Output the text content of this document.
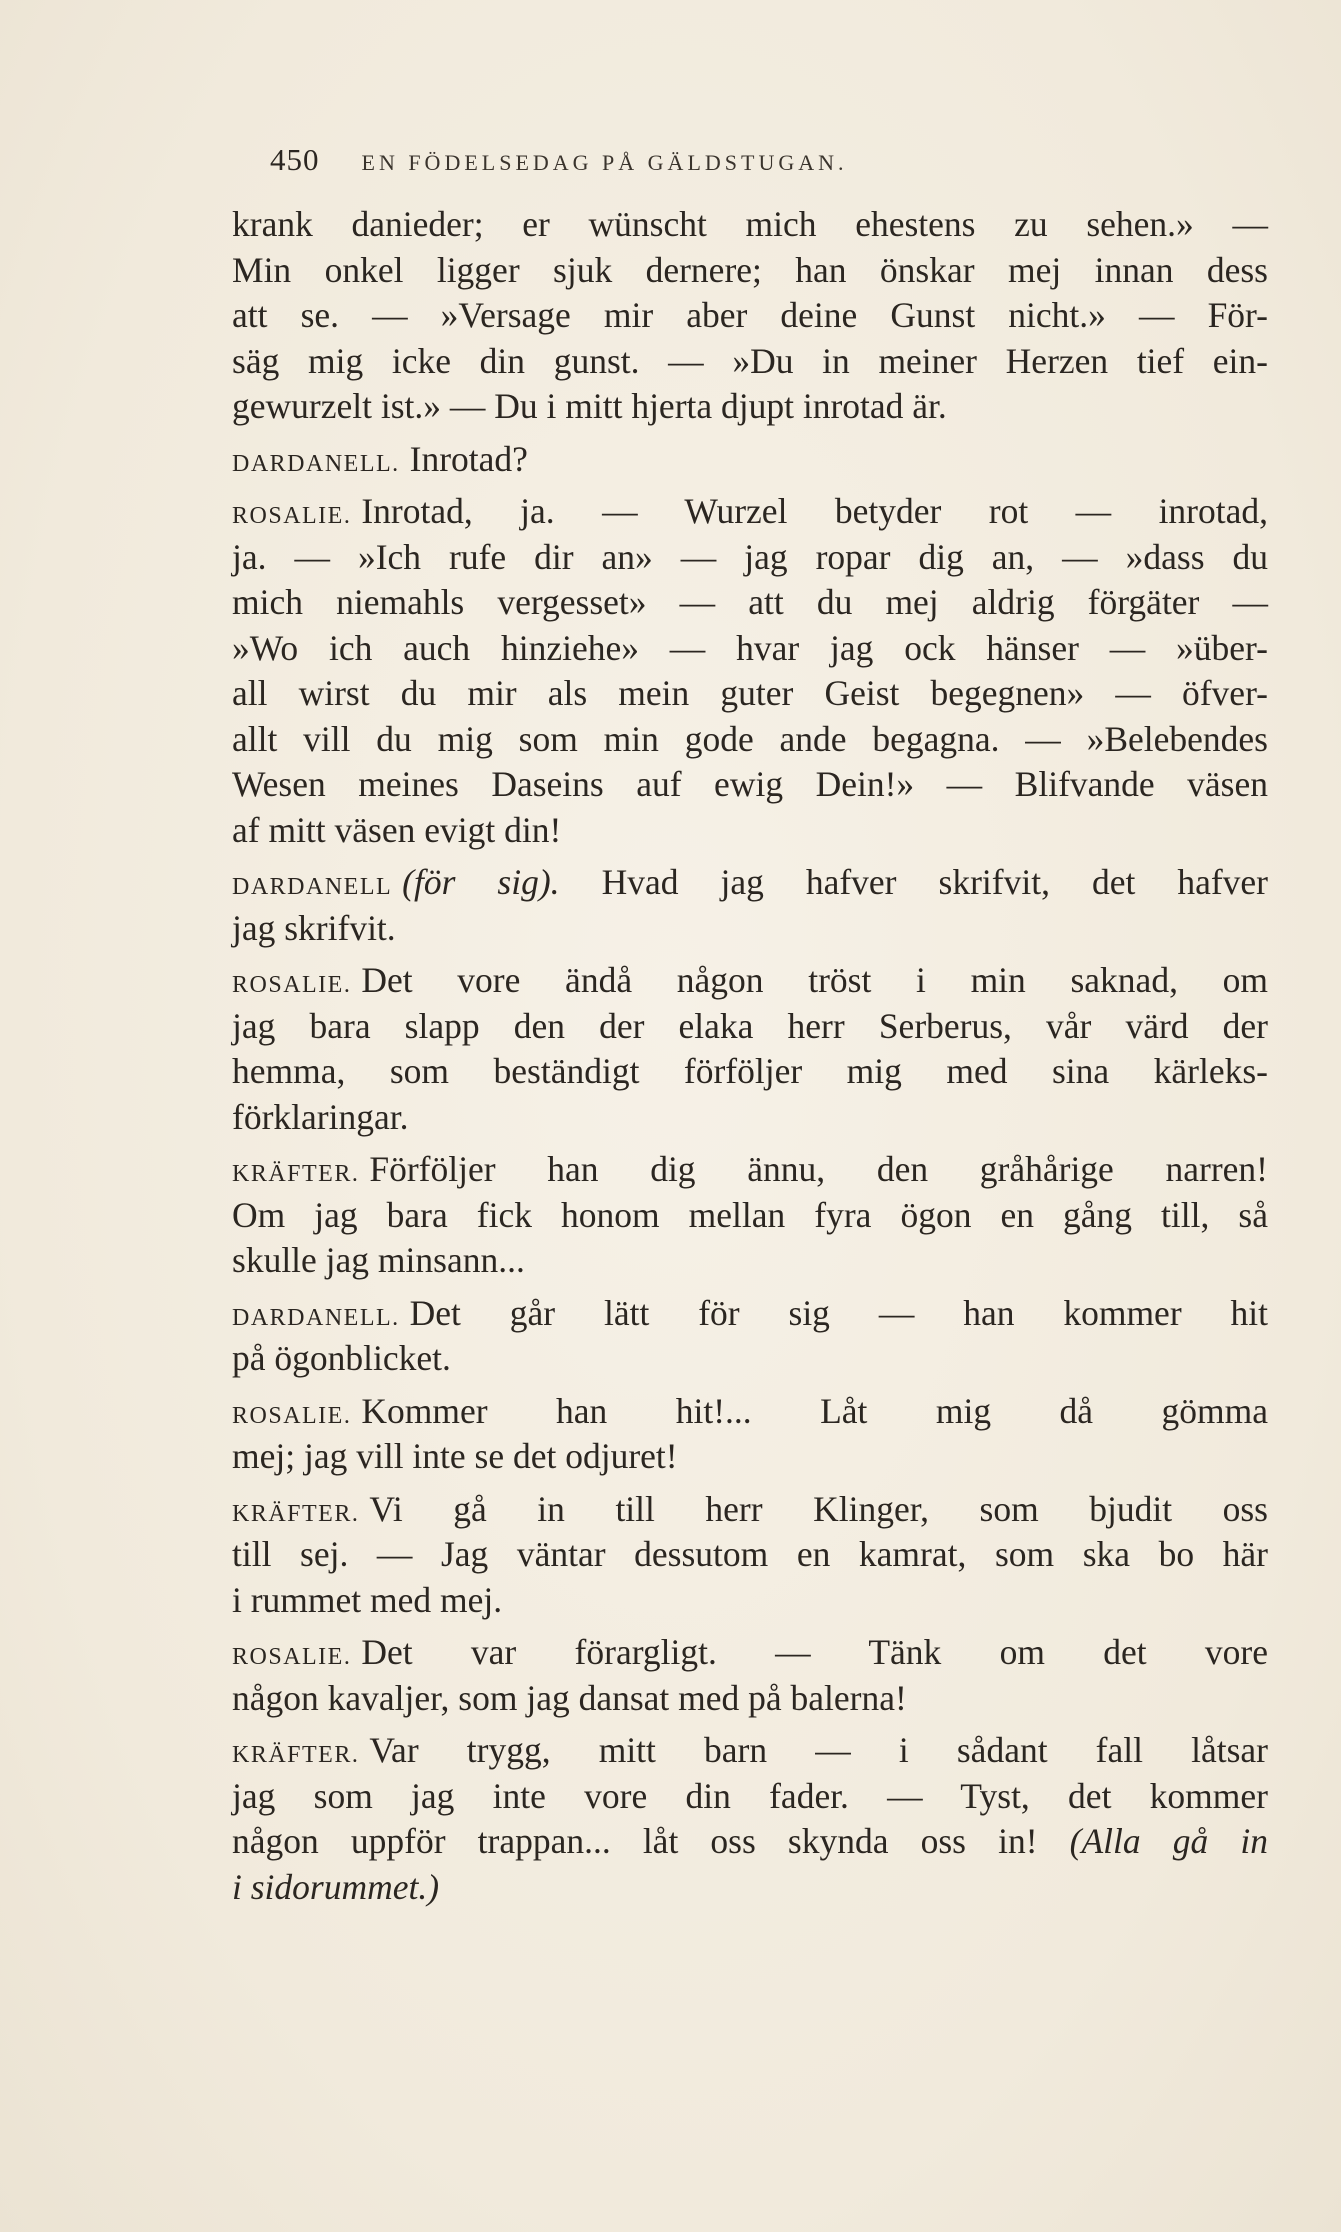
450 EN FÖDELSEDAG PÅ GÄLDSTUGAN.
krank danieder; er wünscht mich ehestens zu sehen.» —
Min onkel ligger sjuk dernere; han önskar mej innan dess
att se. — »Versage mir aber deine Gunst nicht.» — För-
säg mig icke din gunst. — »Du in meiner Herzen tief ein-
gewurzelt ist.» — Du i mitt hjerta djupt inrotad är.
DARDANELL. Inrotad?
ROSALIE. Inrotad, ja. — Wurzel betyder rot — inrotad,
ja. — »Ich rufe dir an» — jag ropar dig an, — »dass du
mich niemahls vergesset» — att du mej aldrig förgäter —
»Wo ich auch hinziehe» — hvar jag ock hänser — »über-
all wirst du mir als mein guter Geist begegnen» — öfver-
allt vill du mig som min gode ande begagna. — »Belebendes
Wesen meines Daseins auf ewig Dein!» — Blifvande väsen
af mitt väsen evigt din!
DARDANELL (för sig). Hvad jag hafver skrifvit, det hafver
jag skrifvit.
ROSALIE. Det vore ändå någon tröst i min saknad, om
jag bara slapp den der elaka herr Serberus, vår värd der
hemma, som beständigt förföljer mig med sina kärleks-
förklaringar.
KRÄFTER. Förföljer han dig ännu, den gråhårige narren!
Om jag bara fick honom mellan fyra ögon en gång till, så
skulle jag minsann...
DARDANELL. Det går lätt för sig — han kommer hit
på ögonblicket.
ROSALIE. Kommer han hit!... Låt mig då gömma
mej; jag vill inte se det odjuret!
KRÄFTER. Vi gå in till herr Klinger, som bjudit oss
till sej. — Jag väntar dessutom en kamrat, som ska bo här
i rummet med mej.
ROSALIE. Det var förargligt. — Tänk om det vore
någon kavaljer, som jag dansat med på balerna!
KRÄFTER. Var trygg, mitt barn — i sådant fall låtsar
jag som jag inte vore din fader. — Tyst, det kommer
någon uppför trappan... låt oss skynda oss in! (Alla gå in
i sidorummet.)
